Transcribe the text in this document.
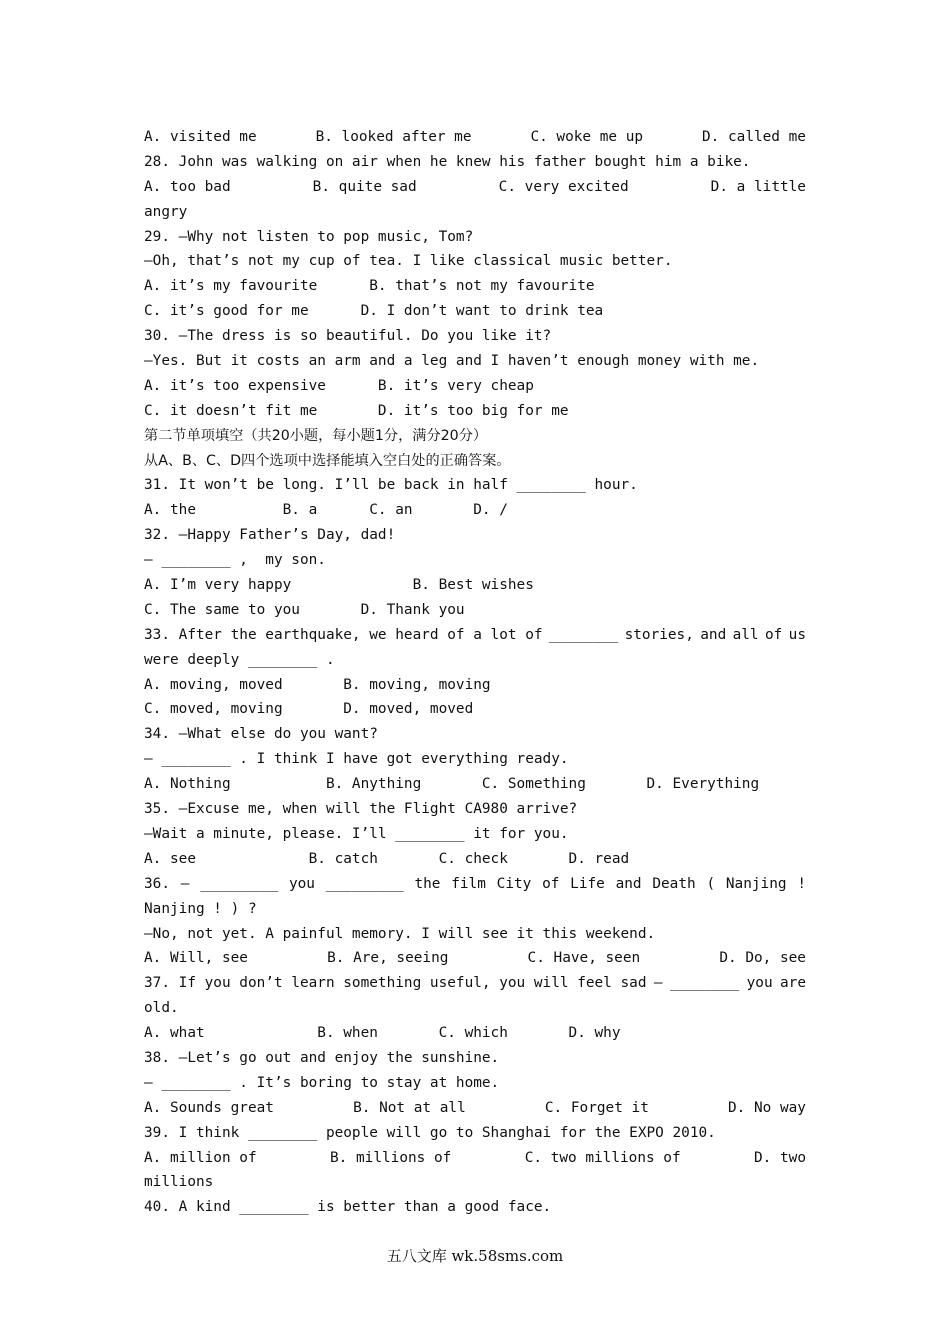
A. visited me	B. looked after me	C. woke me up	D. called me
28. John was walking on air when he knew his father bought him a bike.
A. too bad	B. quite sad	C. very excited	D. a little
angry
29. —Why not listen to pop music, Tom?
—Oh, that’s not my cup of tea. I like classical music better.
A. it’s my favourite      B. that’s not my favourite
C. it’s good for me      D. I don’t want to drink tea
30. —The dress is so beautiful. Do you like it?
—Yes. But it costs an arm and a leg and I haven’t enough money with me.
A. it’s too expensive      B. it’s very cheap
C. it doesn’t fit me       D. it’s too big for me
第二节单项填空（共20小题，每小题1分，满分20分）
从A、B、C、D四个选项中选择能填入空白处的正确答案。
31. It won’t be long. I’ll be back in half ________ hour.
A. the          B. a      C. an       D. /
32. —Happy Father’s Day, dad!
— ________ ,  my son.
A. I’m very happy              B. Best wishes
C. The same to you       D. Thank you
33. After the earthquake, we heard of a lot of ________ stories, and all of us
were deeply ________ .
A. moving, moved       B. moving, moving
C. moved, moving       D. moved, moved
34. —What else do you want?
— ________ . I think I have got everything ready.
A. Nothing           B. Anything       C. Something       D. Everything
35. —Excuse me, when will the Flight CA980 arrive?
—Wait a minute, please. I’ll ________ it for you.
A. see             B. catch       C. check       D. read
36. — _________ you _________ the film City of Life and Death ( Nanjing !
Nanjing ! ) ?
—No, not yet. A painful memory. I will see it this weekend.
A. Will, see	B. Are, seeing	C. Have, seen	D. Do, see
37. If you don’t learn something useful, you will feel sad – ________ you are
old.
A. what             B. when       C. which       D. why
38. —Let’s go out and enjoy the sunshine.
— ________ . It’s boring to stay at home.
A. Sounds great	B. Not at all	C. Forget it	D. No way
39. I think ________ people will go to Shanghai for the EXPO 2010.
A. million of	B. millions of	C. two millions of	D. two
millions
40. A kind ________ is better than a good face.
五八文库 wk.58sms.com
